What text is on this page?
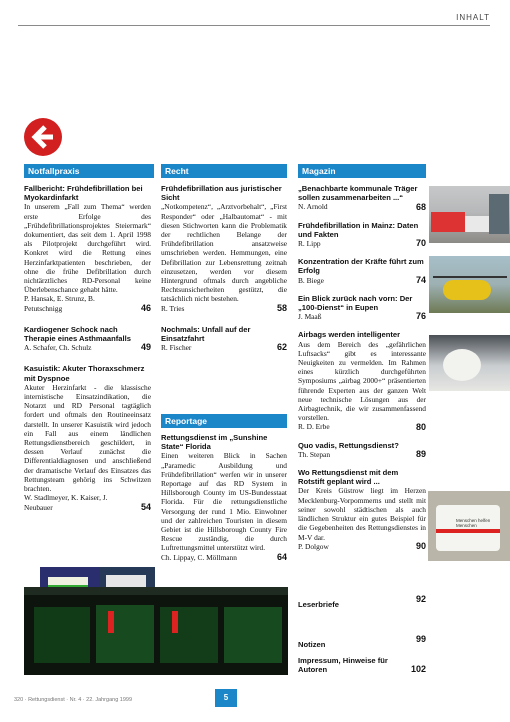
INHALT
Notfallpraxis	Recht	Magazin
Reportage
Fallbericht: Frühdefibrillation bei Myokardinfarkt
In unserem „Fall zum Thema“ werden erste Erfolge des „Frühdefibrillationsprojektes Steiermark“ dokumentiert, das seit dem 1. April 1998 als Pilotprojekt durchgeführt wird. Konkret wird die Rettung eines Herzinfarktpatienten beschrieben, der ohne die frühe Defibrillation durch nichtärztliches RD-Personal keine Überlebenschance gehabt hätte.
P. Hansak, E. Strunz, B. Petutschnigg	46
Kardiogener Schock nach Therapie eines Asthmaanfalls
A. Schafer, Ch. Schulz	49
Kasuistik: Akuter Thoraxschmerz mit Dyspnoe
Akuter Herzinfarkt - die klassische internistische Einsatzindikation, die Notarzt und RD Personal tagtäglich fordert und oftmals den Routineeinsatz darstellt. In unserer Kasuistik wird jedoch ein Fall aus einem ländlichen Rettungsdienstbereich geschildert, in dessen Verlauf zunächst die Differentialdiagnosen und anschließend der dramatische Verlauf des Einsatzes das Rettungsteam gehörig ins Schwitzen brachten.
W. Stadlmeyer, K. Kaiser, J. Neubauer	54
Frühdefibrillation aus juristischer Sicht
„Notkompetenz“, „Arztvorbehalt“, „First Responder“ oder „Halbautomat“ - mit diesen Stichworten kann die Problematik der rechtlichen Belange der Frühdefibrillation ansatzweise umschrieben werden. Hemmungen, eine Defibrillation zur Lebensrettung zeitnah einzusetzen, werden vor diesem Hintergrund oftmals durch angebliche Rechtsunsicherheiten gestützt, die tatsächlich nicht bestehen.
R. Tries	58
Nochmals: Unfall auf der Einsatzfahrt
R. Fischer	62
Rettungsdienst im „Sunshine State“ Florida
Einen weiteren Blick in Sachen „Paramedic Ausbildung und Frühdefibrillation“ werfen wir in unserer Reportage auf das RD System in Hillsborough County im US-Bundesstaat Florida. Für die rettungsdienstliche Versorgung der rund 1 Mio. Einwohner und der zahlreichen Touristen in diesem Gebiet ist die Hillsborough County Fire Rescue zuständig, die durch Luftrettungsmittel unterstützt wird.
Ch. Lippay, C. Möllmann	64
„Benachbarte kommunale Träger sollen zusammenarbeiten ...“
N. Arnold	68
Frühdefibrillation in Mainz: Daten und Fakten
R. Lipp	70
Konzentration der Kräfte führt zum Erfolg
B. Biege	74
Ein Blick zurück nach vorn: Der „100-Dienst“ in Eupen
J. Maaß	76
Airbags werden intelligenter
Aus dem Bereich des „gefährlichen Luftsacks“ gibt es interessante Neuigkeiten zu vermelden. Im Rahmen eines kürzlich durchgeführten Symposiums „airbag 2000+“ präsentierten führende Experten aus der ganzen Welt neue technische Lösungen aus der Airbagtechnik, die wir zusammenfassend vorstellen.
R. D. Erbe	80
Quo vadis, Rettungsdienst?
Th. Stepan	89
Wo Rettungsdienst mit dem Rotstift geplant wird ...
Der Kreis Güstrow liegt im Herzen Mecklenburg-Vorpommerns und stellt mit seiner sowohl städtischen als auch ländlichen Struktur ein gutes Beispiel für die Gegebenheiten des Rettungsdienstes in M-V dar.
P. Dolgow	90
Leserbriefe
92
Notizen
99
Impressum, Hinweise für Autoren	102
Menschen helfen Menschen
320 · Rettungsdienst · Nr. 4 · 22. Jahrgang 1999	5
